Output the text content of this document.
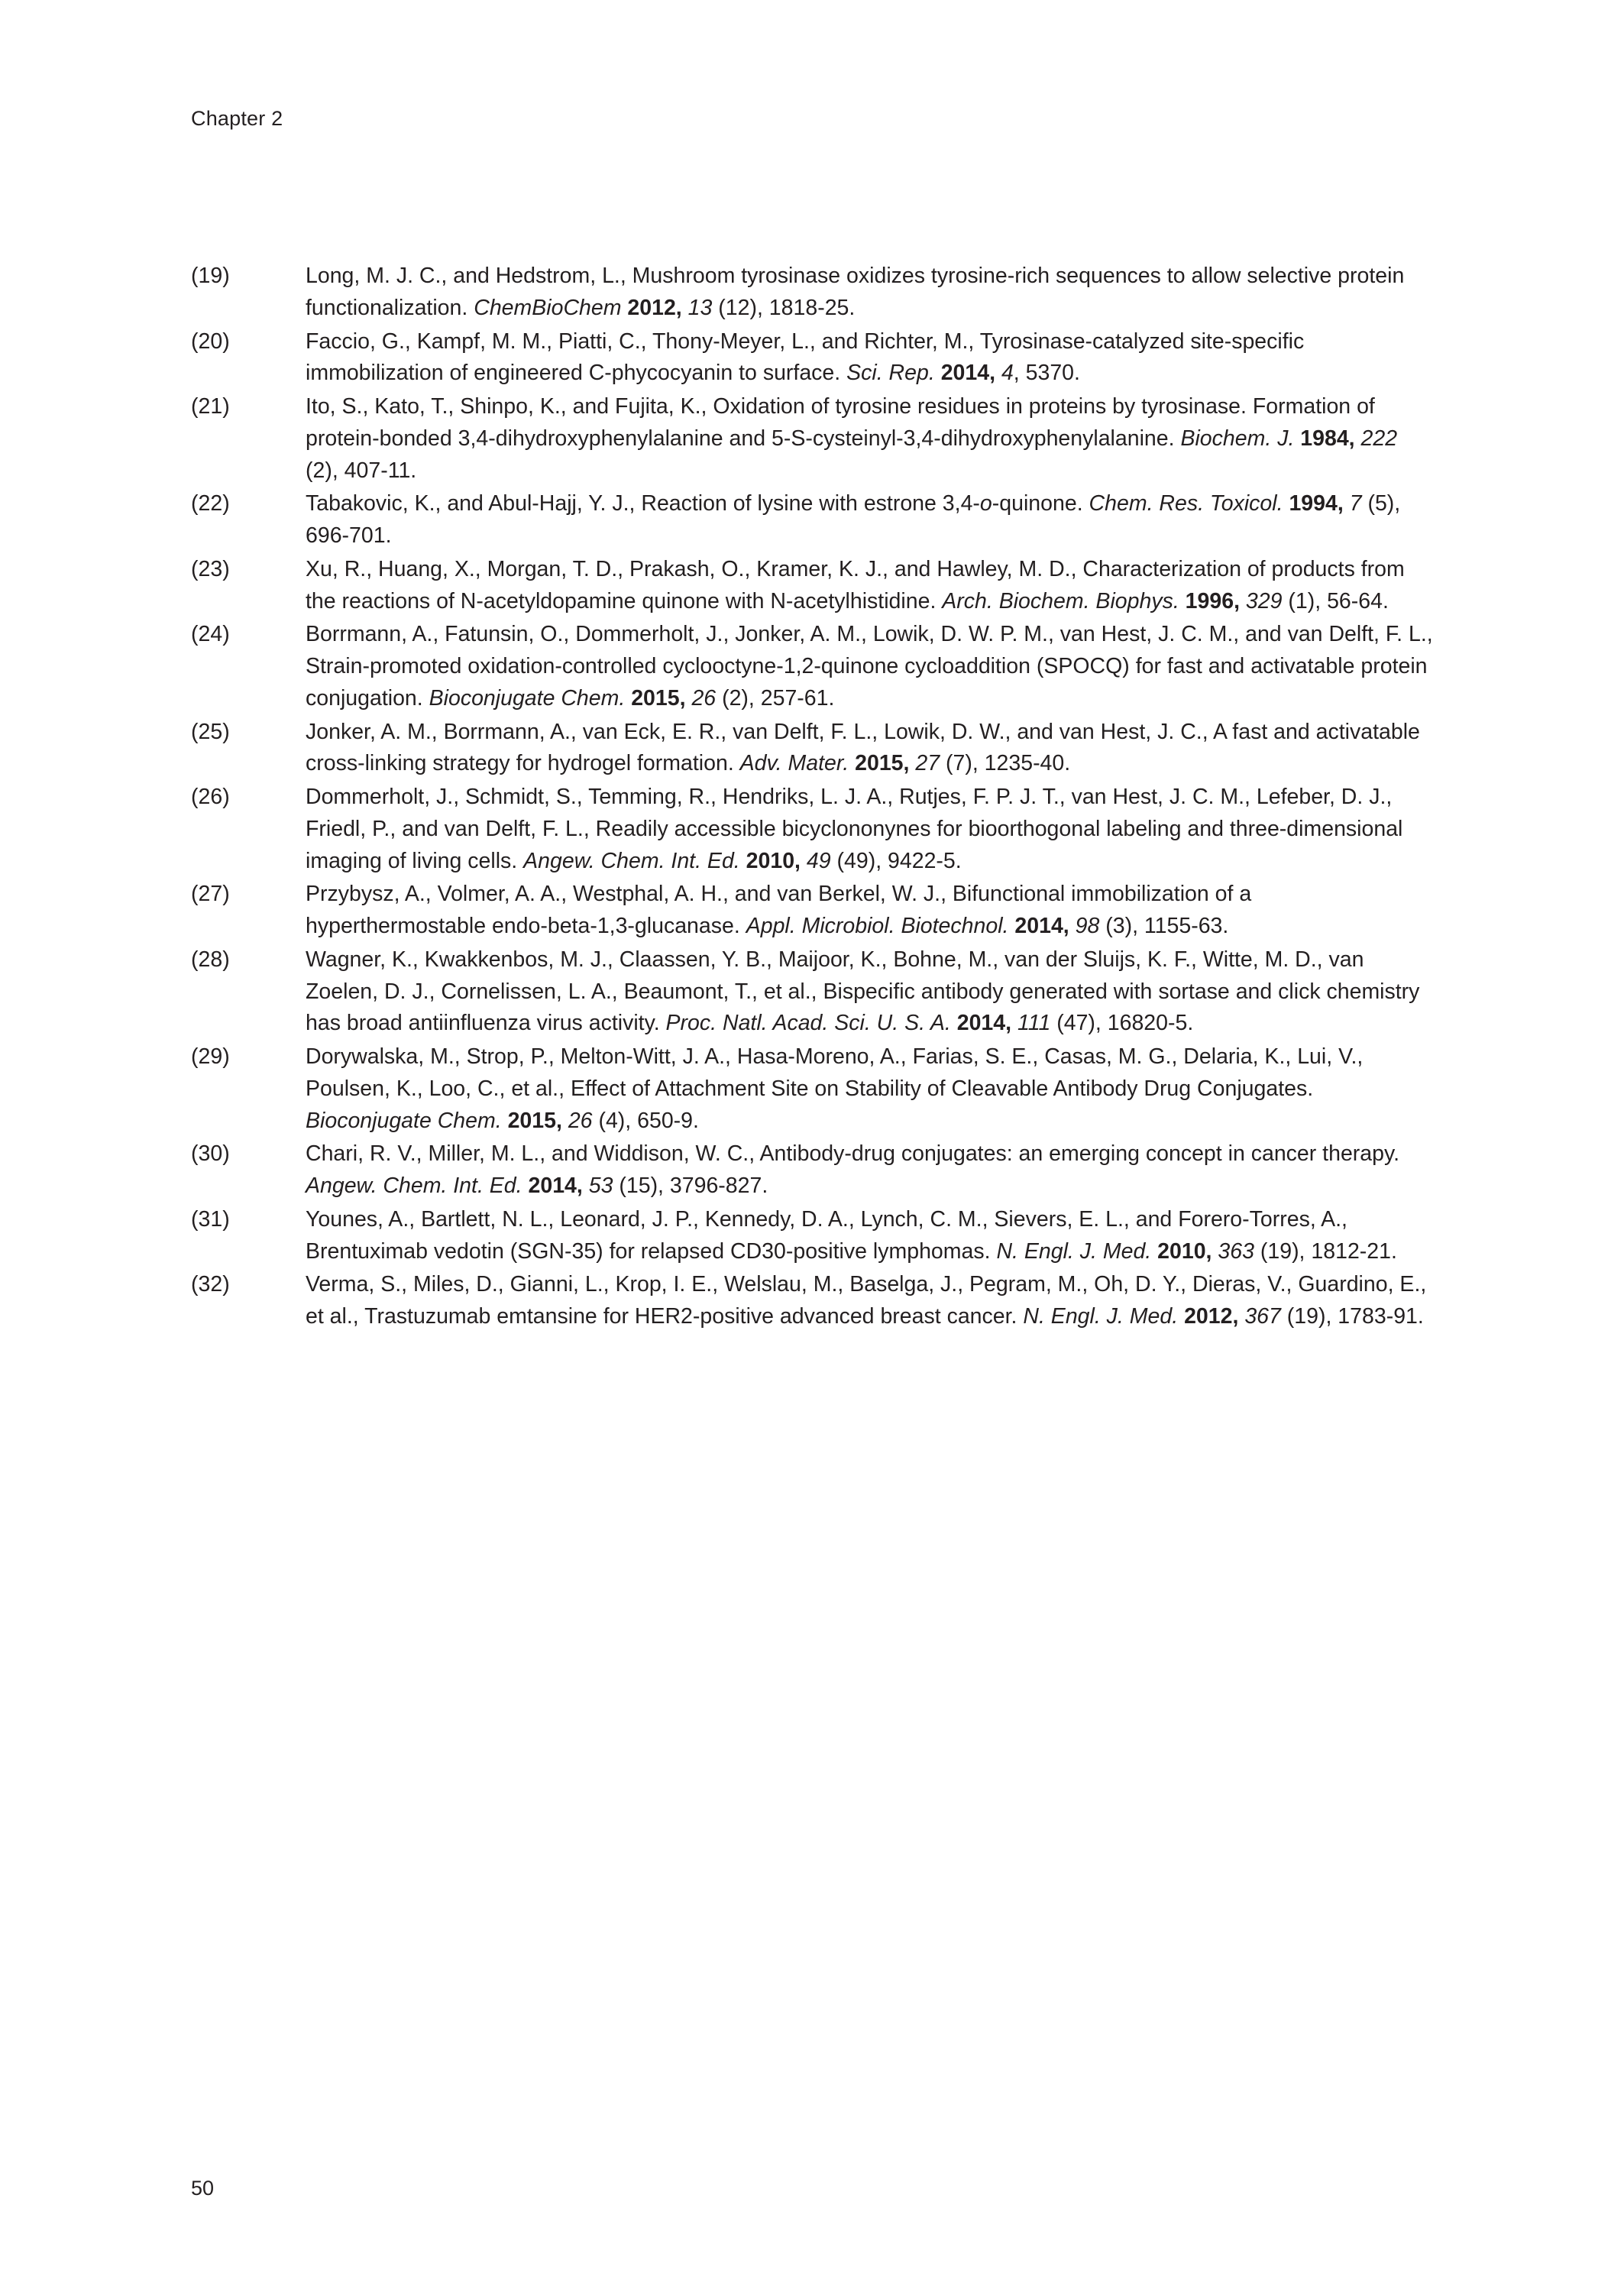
Chapter 2
(19)	Long, M. J. C., and Hedstrom, L., Mushroom tyrosinase oxidizes tyrosine-rich sequences to allow selective protein functionalization. ChemBioChem 2012, 13 (12), 1818-25.
(20)	Faccio, G., Kampf, M. M., Piatti, C., Thony-Meyer, L., and Richter, M., Tyrosinase-catalyzed site-specific immobilization of engineered C-phycocyanin to surface. Sci. Rep. 2014, 4, 5370.
(21)	Ito, S., Kato, T., Shinpo, K., and Fujita, K., Oxidation of tyrosine residues in proteins by tyrosinase. Formation of protein-bonded 3,4-dihydroxyphenylalanine and 5-S-cysteinyl-3,4-dihydroxyphenylalanine. Biochem. J. 1984, 222 (2), 407-11.
(22)	Tabakovic, K., and Abul-Hajj, Y. J., Reaction of lysine with estrone 3,4-o-quinone. Chem. Res. Toxicol. 1994, 7 (5), 696-701.
(23)	Xu, R., Huang, X., Morgan, T. D., Prakash, O., Kramer, K. J., and Hawley, M. D., Characterization of products from the reactions of N-acetyldopamine quinone with N-acetylhistidine. Arch. Biochem. Biophys. 1996, 329 (1), 56-64.
(24)	Borrmann, A., Fatunsin, O., Dommerholt, J., Jonker, A. M., Lowik, D. W. P. M., van Hest, J. C. M., and van Delft, F. L., Strain-promoted oxidation-controlled cyclooctyne-1,2-quinone cycloaddition (SPOCQ) for fast and activatable protein conjugation. Bioconjugate Chem. 2015, 26 (2), 257-61.
(25)	Jonker, A. M., Borrmann, A., van Eck, E. R., van Delft, F. L., Lowik, D. W., and van Hest, J. C., A fast and activatable cross-linking strategy for hydrogel formation. Adv. Mater. 2015, 27 (7), 1235-40.
(26)	Dommerholt, J., Schmidt, S., Temming, R., Hendriks, L. J. A., Rutjes, F. P. J. T., van Hest, J. C. M., Lefeber, D. J., Friedl, P., and van Delft, F. L., Readily accessible bicyclononynes for bioorthogonal labeling and three-dimensional imaging of living cells. Angew. Chem. Int. Ed. 2010, 49 (49), 9422-5.
(27)	Przybysz, A., Volmer, A. A., Westphal, A. H., and van Berkel, W. J., Bifunctional immobilization of a hyperthermostable endo-beta-1,3-glucanase. Appl. Microbiol. Biotechnol. 2014, 98 (3), 1155-63.
(28)	Wagner, K., Kwakkenbos, M. J., Claassen, Y. B., Maijoor, K., Bohne, M., van der Sluijs, K. F., Witte, M. D., van Zoelen, D. J., Cornelissen, L. A., Beaumont, T., et al., Bispecific antibody generated with sortase and click chemistry has broad antiinfluenza virus activity. Proc. Natl. Acad. Sci. U. S. A. 2014, 111 (47), 16820-5.
(29)	Dorywalska, M., Strop, P., Melton-Witt, J. A., Hasa-Moreno, A., Farias, S. E., Casas, M. G., Delaria, K., Lui, V., Poulsen, K., Loo, C., et al., Effect of Attachment Site on Stability of Cleavable Antibody Drug Conjugates. Bioconjugate Chem. 2015, 26 (4), 650-9.
(30)	Chari, R. V., Miller, M. L., and Widdison, W. C., Antibody-drug conjugates: an emerging concept in cancer therapy. Angew. Chem. Int. Ed. 2014, 53 (15), 3796-827.
(31)	Younes, A., Bartlett, N. L., Leonard, J. P., Kennedy, D. A., Lynch, C. M., Sievers, E. L., and Forero-Torres, A., Brentuximab vedotin (SGN-35) for relapsed CD30-positive lymphomas. N. Engl. J. Med. 2010, 363 (19), 1812-21.
(32)	Verma, S., Miles, D., Gianni, L., Krop, I. E., Welslau, M., Baselga, J., Pegram, M., Oh, D. Y., Dieras, V., Guardino, E., et al., Trastuzumab emtansine for HER2-positive advanced breast cancer. N. Engl. J. Med. 2012, 367 (19), 1783-91.
50
